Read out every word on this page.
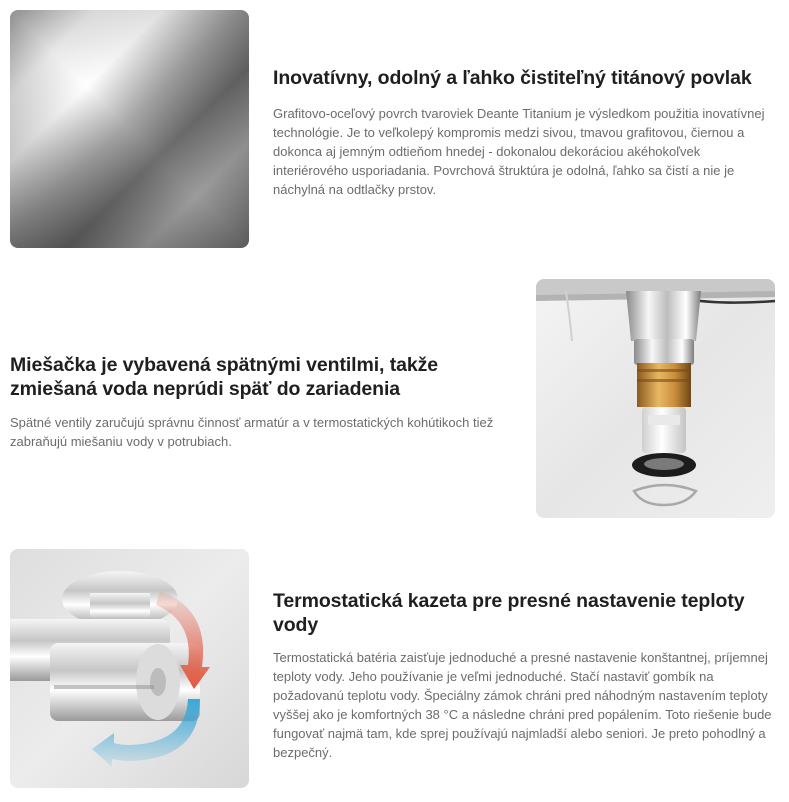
Inovatívny, odolný a ľahko čistiteľný titánový povlak

Grafitovo-oceľový povrch tvaroviek Deante Titanium je výsledkom použitia inovatívnej technológie. Je to veľkolepý kompromis medzi sivou, tmavou grafitovou, čiernou a dokonca aj jemným odtieňom hnedej - dokonalou dekoráciou akéhokoľvek interiérového usporiadania. Povrchová štruktúra je odolná, ľahko sa čistí a nie je náchylná na odtlačky prstov.

Miešačka je vybavená spätnými ventilmi, takže zmiešaná voda neprúdi späť do zariadenia

Spätné ventily zaručujú správnu činnosť armatúr a v termostatických kohútikoch tiež zabraňujú miešaniu vody v potrubiach.

Termostatická kazeta pre presné nastavenie teploty vody

Termostatická batéria zaisťuje jednoduché a presné nastavenie konštantnej, príjemnej teploty vody. Jeho používanie je veľmi jednoduché. Stačí nastaviť gombík na požadovanú teplotu vody. Špeciálny zámok chráni pred náhodným nastavením teploty vyššej ako je komfortných 38 °C a následne chráni pred popálením. Toto riešenie bude fungovať najmä tam, kde sprej používajú najmladší alebo seniori. Je preto pohodlný a bezpečný.
